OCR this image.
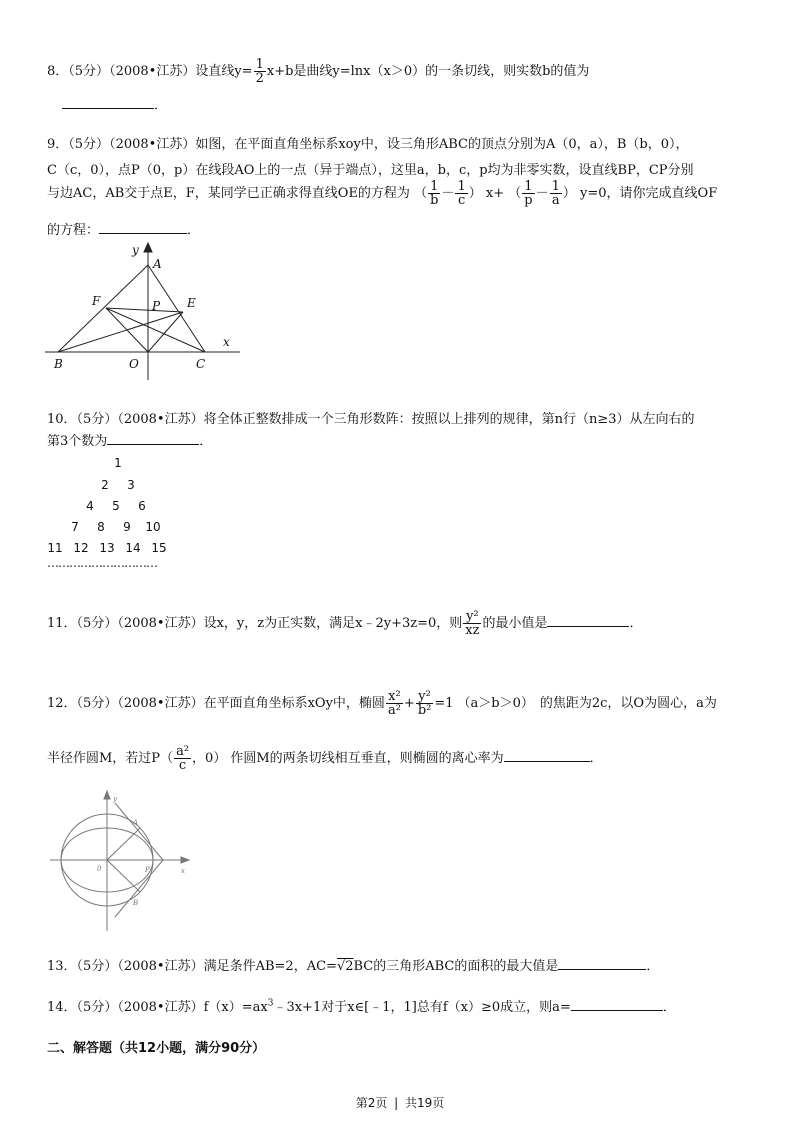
8．（5分）（2008•江苏）设直线$y= \frac{1}{2} x+b$是曲线y=lnx（x＞0）的一条切线，则实数b的值为
．
9．（5分）（2008•江苏）如图，在平面直角坐标系xoy中，设三角形ABC的顶点分别为A（0，a），B（b，0），
C（c，0），点P（0，p）在线段AO上的一点（异于端点），这里a，b，c，p均为非零实数，设直线BP，CP分别
与边AC，AB交于点E，F，某同学已正确求得直线OE的方程为 （ $\frac{1}{b} - \frac{1}{c}$ ） x+ （ $\frac{1}{p} - \frac{1}{a}$ ） y=0，请你完成直线OF
的方程：	．
y
A
F	P E
x
B	O	C
10．（5分）（2008•江苏）将全体正整数排成一个三角形数阵：按照以上排列的规律，第n行（n≥3）从左向右的
第3个数为	．
1
2 3
4 5 6
7 8 9 10
11 12 13 14 15
…………………………
11．（5分）（2008•江苏）设x，y，z为正实数，满足x﹣2y+3z=0，则 $\frac{\text{y²}}{xz}$ 的最小值是	．
12．（5分）（2008•江苏）在平面直角坐标系xOy中，椭圆 $\frac{\text{x²}}{\text{a²}} + \frac{\text{y²}}{\text{b²}} =1$ （a＞b＞0） 的焦距为2c，以O为圆心，a为
半径作圆M，若过$P( \frac{\text{a²}}{c}$ ，0） 作圆M的两条切线相互垂直，则椭圆的离心率为	．
y
x
0
A
P
B
13．（5分）（2008•江苏）满足条件AB=2，AC=√2BC的三角形ABC的面积的最大值是	．
14．（5分）（2008•江苏）$f(x)=ax^3﹣3x+1$对于x∈[﹣1，1]总有f（x）≥0成立，则a=	．
二、解答题（共12小题，满分90分）
第2页 | 共19页
